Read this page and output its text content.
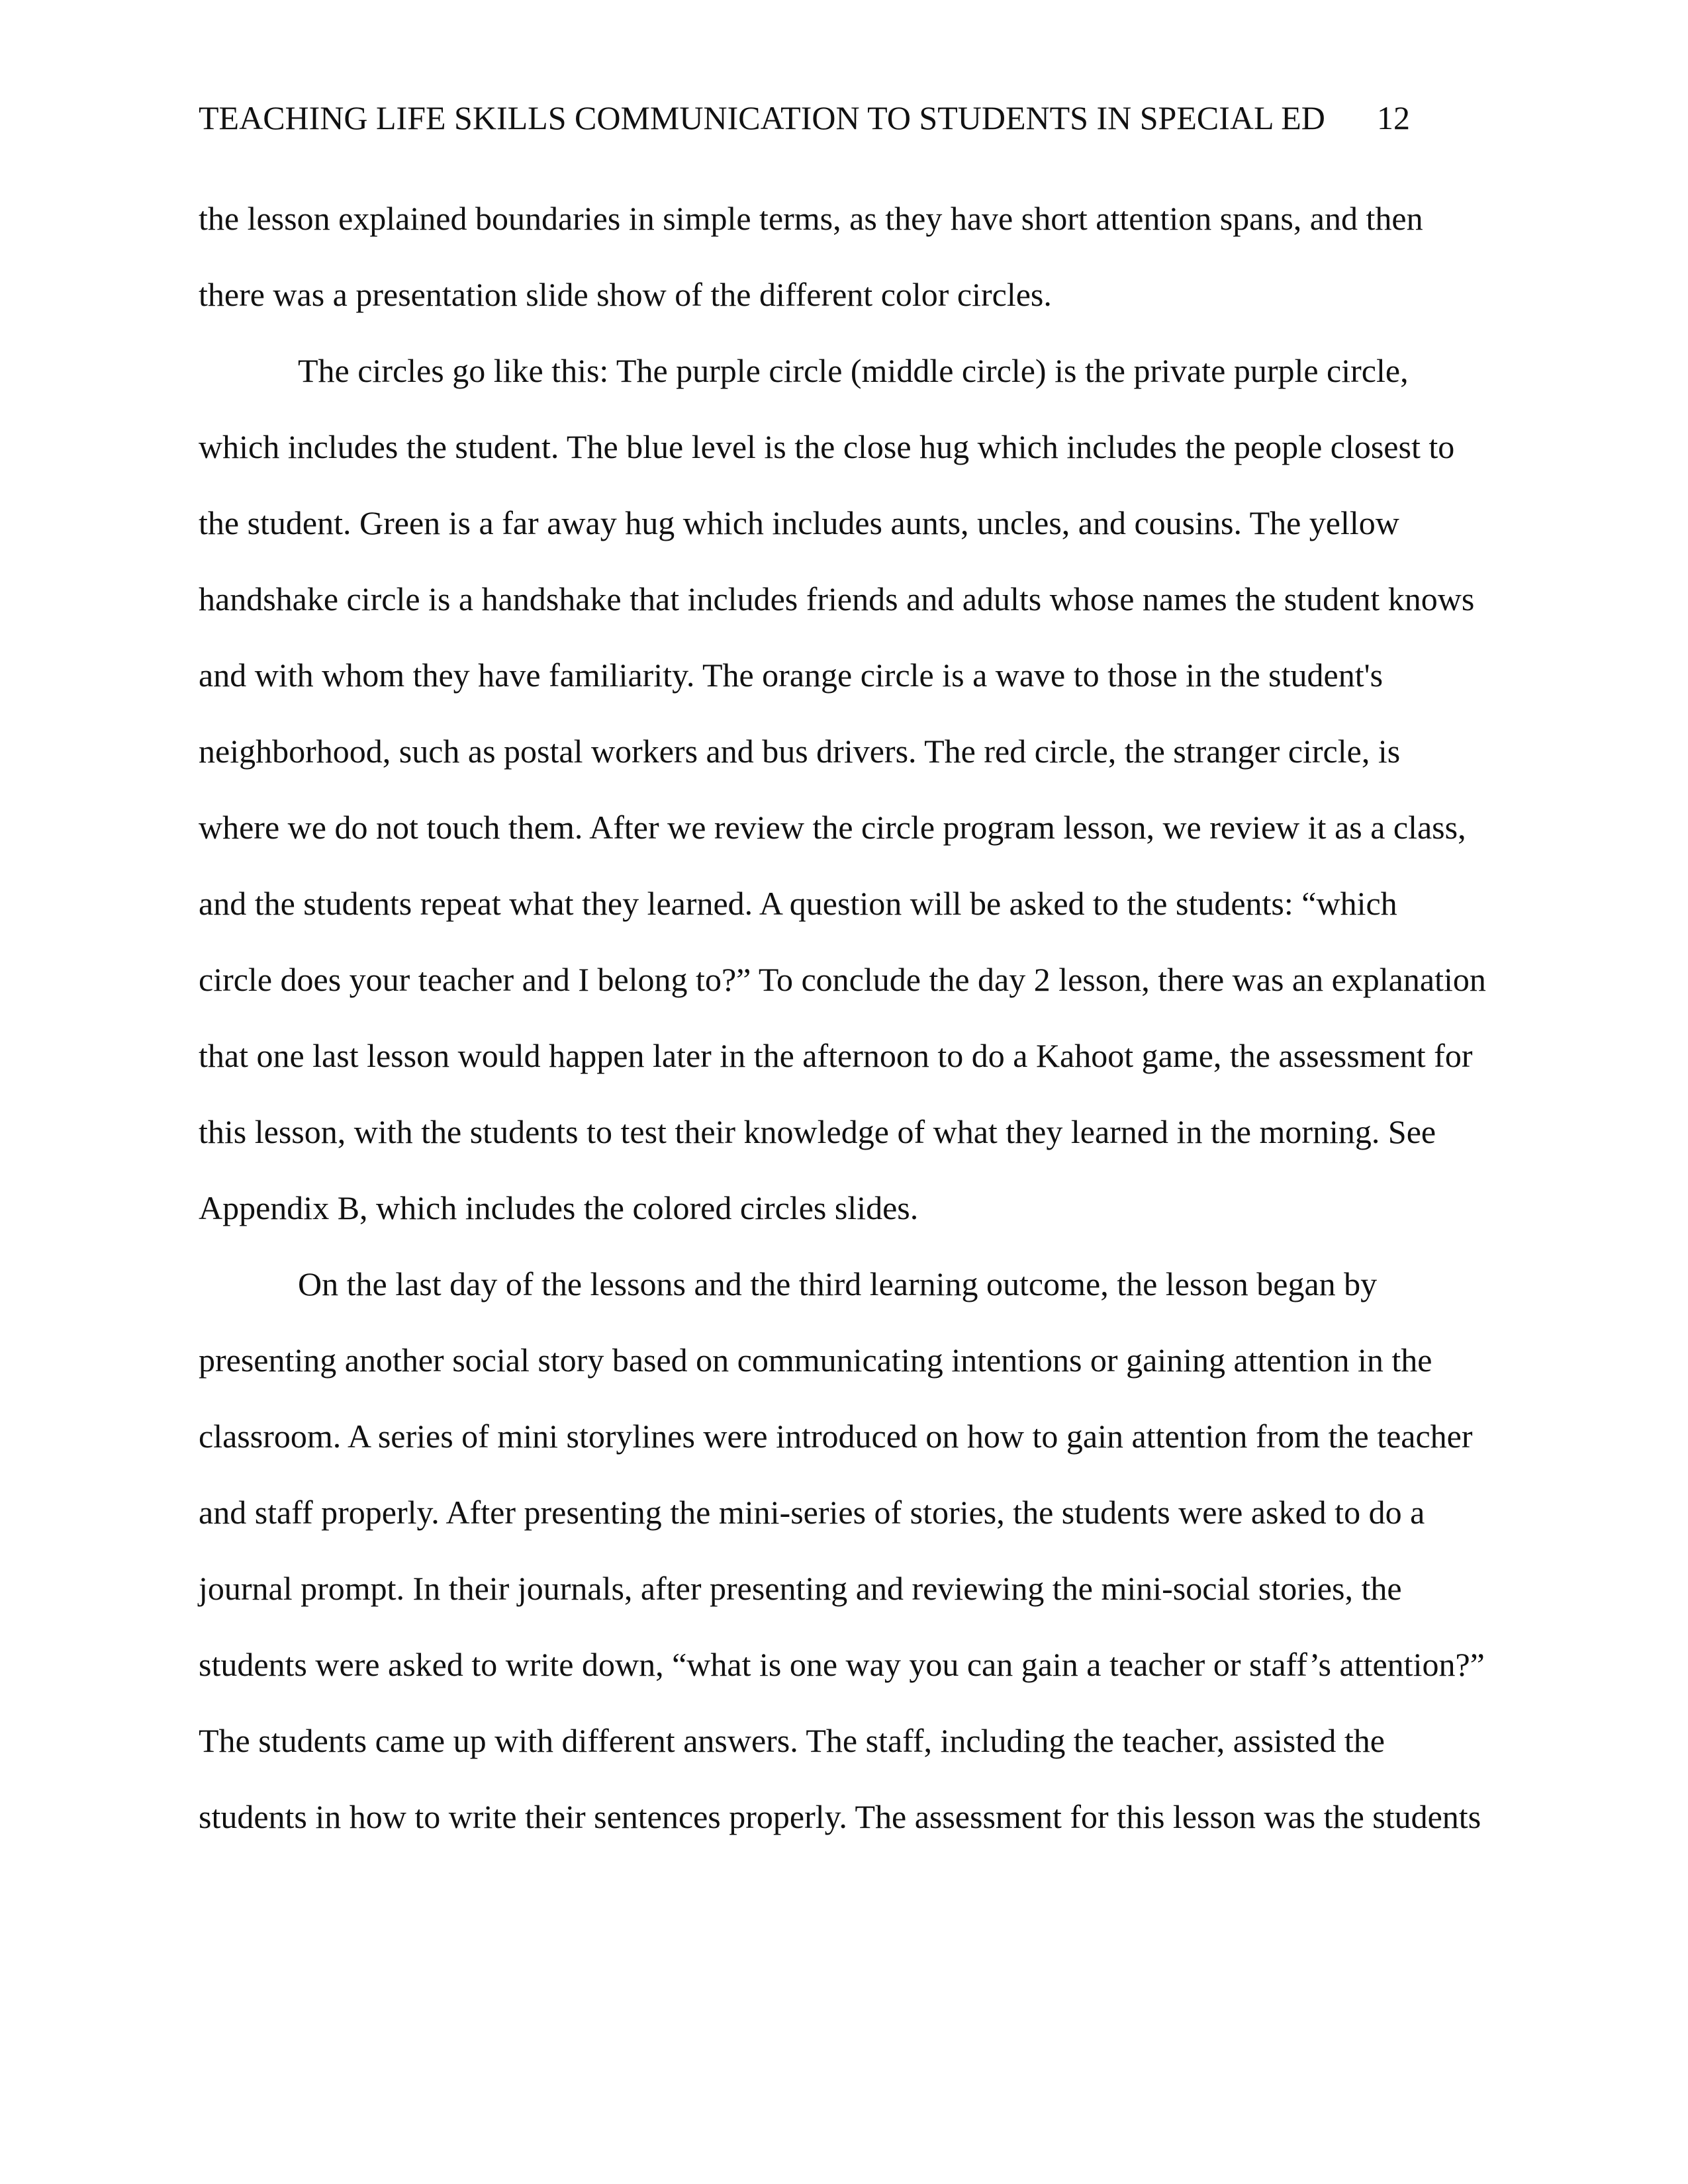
TEACHING LIFE SKILLS COMMUNICATION TO STUDENTS IN SPECIAL ED 12
the lesson explained boundaries in simple terms, as they have short attention spans, and then
there was a presentation slide show of the different color circles.
The circles go like this: The purple circle (middle circle) is the private purple circle,
which includes the student. The blue level is the close hug which includes the people closest to
the student. Green is a far away hug which includes aunts, uncles, and cousins. The yellow
handshake circle is a handshake that includes friends and adults whose names the student knows
and with whom they have familiarity. The orange circle is a wave to those in the student's
neighborhood, such as postal workers and bus drivers. The red circle, the stranger circle, is
where we do not touch them. After we review the circle program lesson, we review it as a class,
and the students repeat what they learned. A question will be asked to the students: “which
circle does your teacher and I belong to?” To conclude the day 2 lesson, there was an explanation
that one last lesson would happen later in the afternoon to do a Kahoot game, the assessment for
this lesson, with the students to test their knowledge of what they learned in the morning. See
Appendix B, which includes the colored circles slides.
On the last day of the lessons and the third learning outcome, the lesson began by
presenting another social story based on communicating intentions or gaining attention in the
classroom. A series of mini storylines were introduced on how to gain attention from the teacher
and staff properly. After presenting the mini-series of stories, the students were asked to do a
journal prompt. In their journals, after presenting and reviewing the mini-social stories, the
students were asked to write down, “what is one way you can gain a teacher or staff’s attention?”
The students came up with different answers. The staff, including the teacher, assisted the
students in how to write their sentences properly. The assessment for this lesson was the students
